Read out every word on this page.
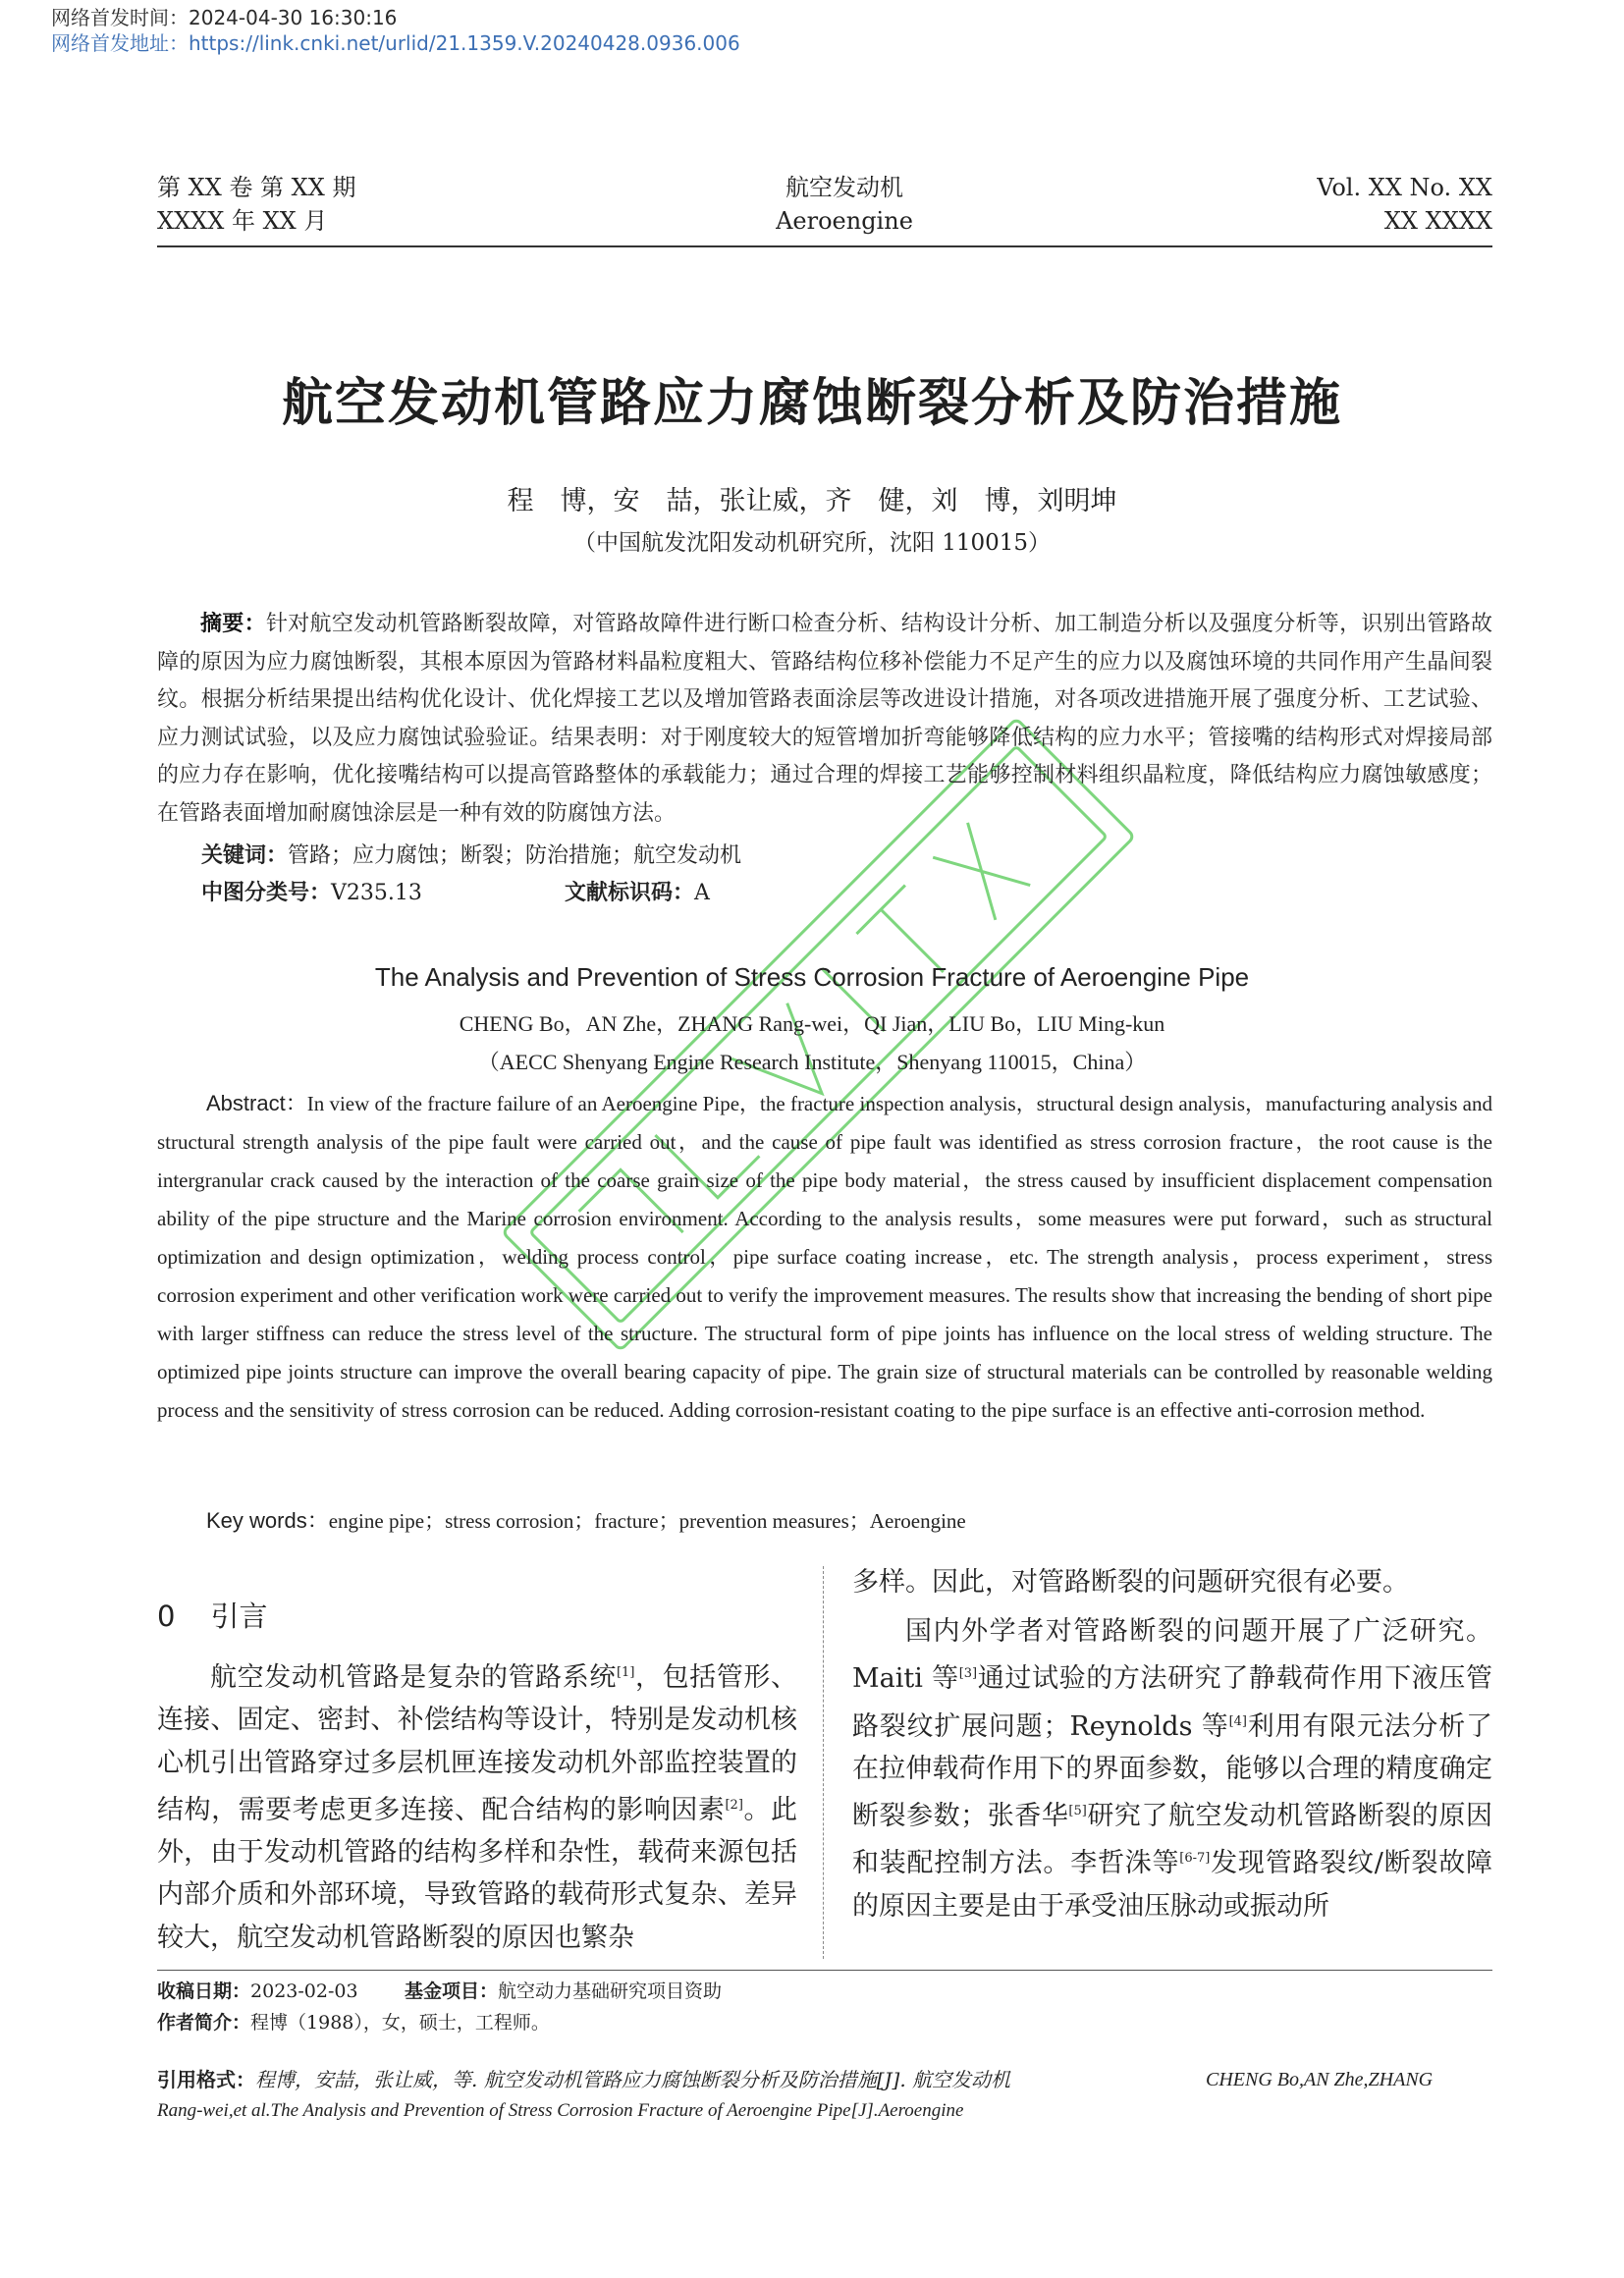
网络首发时间：2024-04-30 16:30:16
网络首发地址：https://link.cnki.net/urlid/21.1359.V.20240428.0936.006
第 XX 卷 第 XX 期
XXXX 年 XX 月
航空发动机
Aeroengine
Vol. XX No. XX
XX XXXX
航空发动机管路应力腐蚀断裂分析及防治措施
程　博，安　喆，张让威，齐　健，刘　博，刘明坤
（中国航发沈阳发动机研究所，沈阳 110015）
摘要：针对航空发动机管路断裂故障，对管路故障件进行断口检查分析、结构设计分析、加工制造分析以及强度分析等，识别出管路故障的原因为应力腐蚀断裂，其根本原因为管路材料晶粒度粗大、管路结构位移补偿能力不足产生的应力以及腐蚀环境的共同作用产生晶间裂纹。根据分析结果提出结构优化设计、优化焊接工艺以及增加管路表面涂层等改进设计措施，对各项改进措施开展了强度分析、工艺试验、应力测试试验，以及应力腐蚀试验验证。结果表明：对于刚度较大的短管增加折弯能够降低结构的应力水平；管接嘴的结构形式对焊接局部的应力存在影响，优化接嘴结构可以提高管路整体的承载能力；通过合理的焊接工艺能够控制材料组织晶粒度，降低结构应力腐蚀敏感度；在管路表面增加耐腐蚀涂层是一种有效的防腐蚀方法。
关键词：管路；应力腐蚀；断裂；防治措施；航空发动机
中图分类号：V235.13	文献标识码：A
The Analysis and Prevention of Stress Corrosion Fracture of Aeroengine Pipe
CHENG Bo，AN Zhe，ZHANG Rang-wei，QI Jian，LIU Bo，LIU Ming-kun
（AECC Shenyang Engine Research Institute，Shenyang 110015，China）
Abstract：In view of the fracture failure of an Aeroengine Pipe，the fracture inspection analysis，structural design analysis，manufacturing analysis and structural strength analysis of the pipe fault were carried out，and the cause of pipe fault was identified as stress corrosion fracture，the root cause is the intergranular crack caused by the interaction of the coarse grain size of the pipe body material，the stress caused by insufficient displacement compensation ability of the pipe structure and the Marine corrosion environment. According to the analysis results，some measures were put forward，such as structural optimization and design optimization，welding process control，pipe surface coating increase，etc. The strength analysis，process experiment，stress corrosion experiment and other verification work were carried out to verify the improvement measures. The results show that increasing the bending of short pipe with larger stiffness can reduce the stress level of the structure. The structural form of pipe joints has influence on the local stress of welding structure. The optimized pipe joints structure can improve the overall bearing capacity of pipe. The grain size of structural materials can be controlled by reasonable welding process and the sensitivity of stress corrosion can be reduced. Adding corrosion-resistant coating to the pipe surface is an effective anti-corrosion method.
Key words：engine pipe；stress corrosion；fracture；prevention measures；Aeroengine
0 引言
航空发动机管路是复杂的管路系统[1]，包括管形、连接、固定、密封、补偿结构等设计，特别是发动机核心机引出管路穿过多层机匣连接发动机外部监控装置的结构，需要考虑更多连接、配合结构的影响因素[2]。此外，由于发动机管路的结构多样和杂性，载荷来源包括内部介质和外部环境，导致管路的载荷形式复杂、差异较大，航空发动机管路断裂的原因也繁杂
多样。因此，对管路断裂的问题研究很有必要。
国内外学者对管路断裂的问题开展了广泛研究。Maiti 等[3]通过试验的方法研究了静载荷作用下液压管路裂纹扩展问题；Reynolds 等[4]利用有限元法分析了在拉伸载荷作用下的界面参数，能够以合理的精度确定断裂参数；张香华[5]研究了航空发动机管路断裂的原因和装配控制方法。李哲洙等[6-7]发现管路裂纹/断裂故障的原因主要是由于承受油压脉动或振动所
收稿日期：2023-02-03 基金项目：航空动力基础研究项目资助
作者简介：程博（1988），女，硕士，工程师。
引用格式：程博，安喆，张让威，等. 航空发动机管路应力腐蚀断裂分析及防治措施[J]. 航空发动机	CHENG Bo,AN Zhe,ZHANG
Rang-wei,et al.The Analysis and Prevention of Stress Corrosion Fracture of Aeroengine Pipe[J].Aeroengine
